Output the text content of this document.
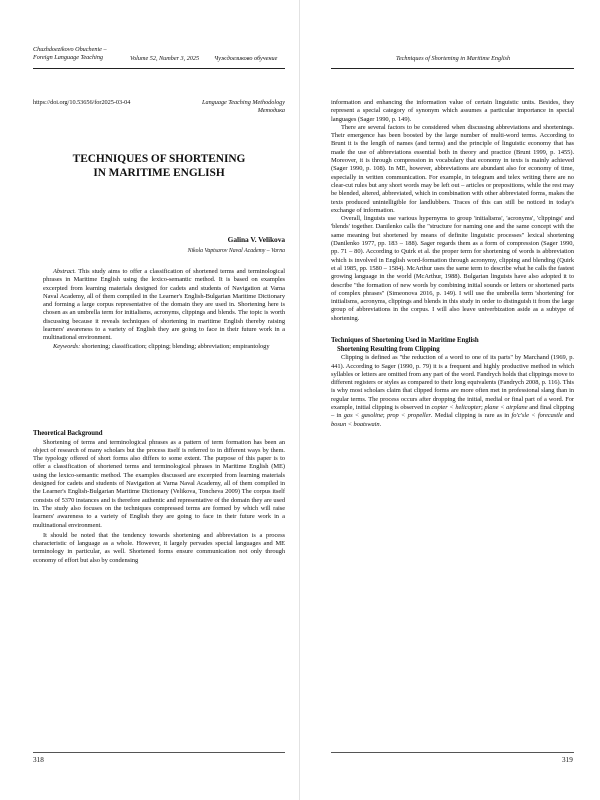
Chuzhdoezikovo Obuchenie –
Foreign Language Teaching	Volume 52, Number 3, 2025 Чуждоезиково обучение
https://doi.org/10.53656/for2025-03-04	Language Teaching Methodology
Методика
TECHNIQUES OF SHORTENING
IN MARITIME ENGLISH
Galina V. Velikova
Nikola Vaptsarov Naval Academy – Varna

Abstract. This study aims to offer a classification of shortened terms and terminological phrases in Maritime English using the lexico-semantic method. It is based on examples excerpted from learning materials designed for cadets and students of Navigation at Varna Naval Academy, all of them compiled in the Learner's English-Bulgarian Maritime Dictionary and forming a large corpus representative of the domain they are used in. Shortening here is chosen as an umbrella term for initialisms, acronyms, clippings and blends. The topic is worth discussing because it reveals techniques of shortening in maritime English thereby raising learners' awareness to a variety of English they are going to face in their future work in a multinational environment.

Keywords: shortening; classification; clipping; blending; abbreviation; empirantology

Theoretical Background

Shortening of terms and terminological phrases as a pattern of term formation has been an object of research of many scholars but the process itself is referred to in different ways by them. The typology offered of short forms also differs to some extent. The purpose of this paper is to offer a classification of shortened terms and terminological phrases in Maritime English (ME) using the lexico-semantic method. The examples discussed are excerpted from learning materials designed for cadets and students of Navigation at Varna Naval Academy, all of them compiled in the Learner's English-Bulgarian Maritime Dictionary (Velikova, Toncheva 2009) The corpus itself consists of 5370 instances and is therefore authentic and representative of the domain they are used in. The study also focuses on the techniques compressed terms are formed by which will raise learners' awareness to a variety of English they are going to face in their future work in a multinational environment.

It should be noted that the tendency towards shortening and abbreviation is a process characteristic of language as a whole. However, it largely pervades special languages and ME terminology in particular, as well. Shortened forms ensure communication not only through economy of effort but also by condensing

318
Techniques of Shortening in Maritime English

information and enhancing the information value of certain linguistic units. Besides, they represent a special category of synonym which assumes a particular importance in special languages (Sager 1990, p. 149).

There are several factors to be considered when discussing abbreviations and shortenings. Their emergence has been boosted by the large number of multi-word terms. According to Brunt it is the length of names (and terms) and the principle of linguistic economy that has made the use of abbreviations essential both in theory and practice (Brunt 1999, p. 1455). Moreover, it is through compression in vocabulary that economy in texts is mainly achieved (Sager 1990, p. 108). In ME, however, abbreviations are abundant also for economy of time, especially in written communication. For example, in telegram and telex writing there are no clear-cut rules but any short words may be left out – articles or prepositions, while the rest may be blended, altered, abbreviated, which in combination with other abbreviated forms, makes the texts produced unintelligible for landlubbers. Traces of this can still be noticed in today's exchange of information.

Overall, linguists use various hypernyms to group 'initialisms', 'acronyms', 'clippings' and 'blends' together. Danilenko calls the "structure for naming one and the same concept with the same meaning but shortened by means of definite linguistic processes" lexical shortening (Danilenko 1977, pp. 183 – 188). Sager regards them as a form of compression (Sager 1990, pp. 71 – 80). According to Quirk et al. the proper term for shortening of words is abbreviation which is involved in English word-formation through acronymy, clipping and blending (Quirk et al 1985, pp. 1580 – 1584). McArthur uses the same term to describe what he calls the fastest growing language in the world (McArthur, 1988). Bulgarian linguists have also adopted it to describe "the formation of new words by combining initial sounds or letters or shortened parts of complex phrases" (Simeonova 2016, p. 149). I will use the umbrella term 'shortening' for initialisms, acronyms, clippings and blends in this study in order to distinguish it from the large group of abbreviations in the corpus. I will also leave univerbization aside as a subtype of shortening.

Techniques of Shortening Used in Maritime English
Shortening Resulting from Clipping

Clipping is defined as "the reduction of a word to one of its parts" by Marchand (1969, p. 441). According to Sager (1990, p. 79) it is a frequent and highly productive method in which syllables or letters are omitted from any part of the word. Fandrych holds that clippings move to different registers or styles as compared to their long equivalents (Fandrych 2008, p. 116). This is why most scholars claim that clipped forms are more often met in professional slang than in regular terms. The process occurs after dropping the initial, medial or final part of a word. For example, initial clipping is observed in copter < helicopter; plane < airplane and final clipping – in gas < gasoline; prop < propeller. Medial clipping is rare as in fo'c'sle < forecastle and bosun < boatswain.

319
